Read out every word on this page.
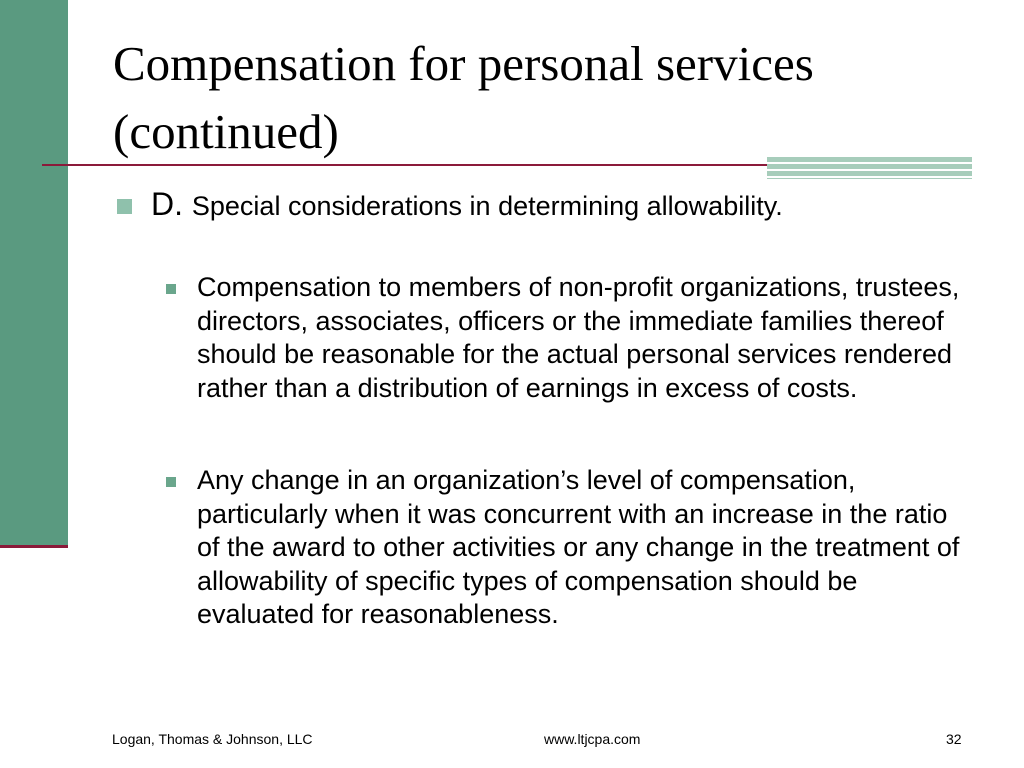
Compensation for personal services
(continued)

D. Special considerations in determining allowability.

Compensation to members of non-profit organizations, trustees, directors, associates, officers or the immediate families thereof should be reasonable for the actual personal services rendered rather than a distribution of earnings in excess of costs.

Any change in an organization’s level of compensation, particularly when it was concurrent with an increase in the ratio of the award to other activities or any change in the treatment of allowability of specific types of compensation should be evaluated for reasonableness.

Logan, Thomas & Johnson, LLC	www.ltjcpa.com	32
